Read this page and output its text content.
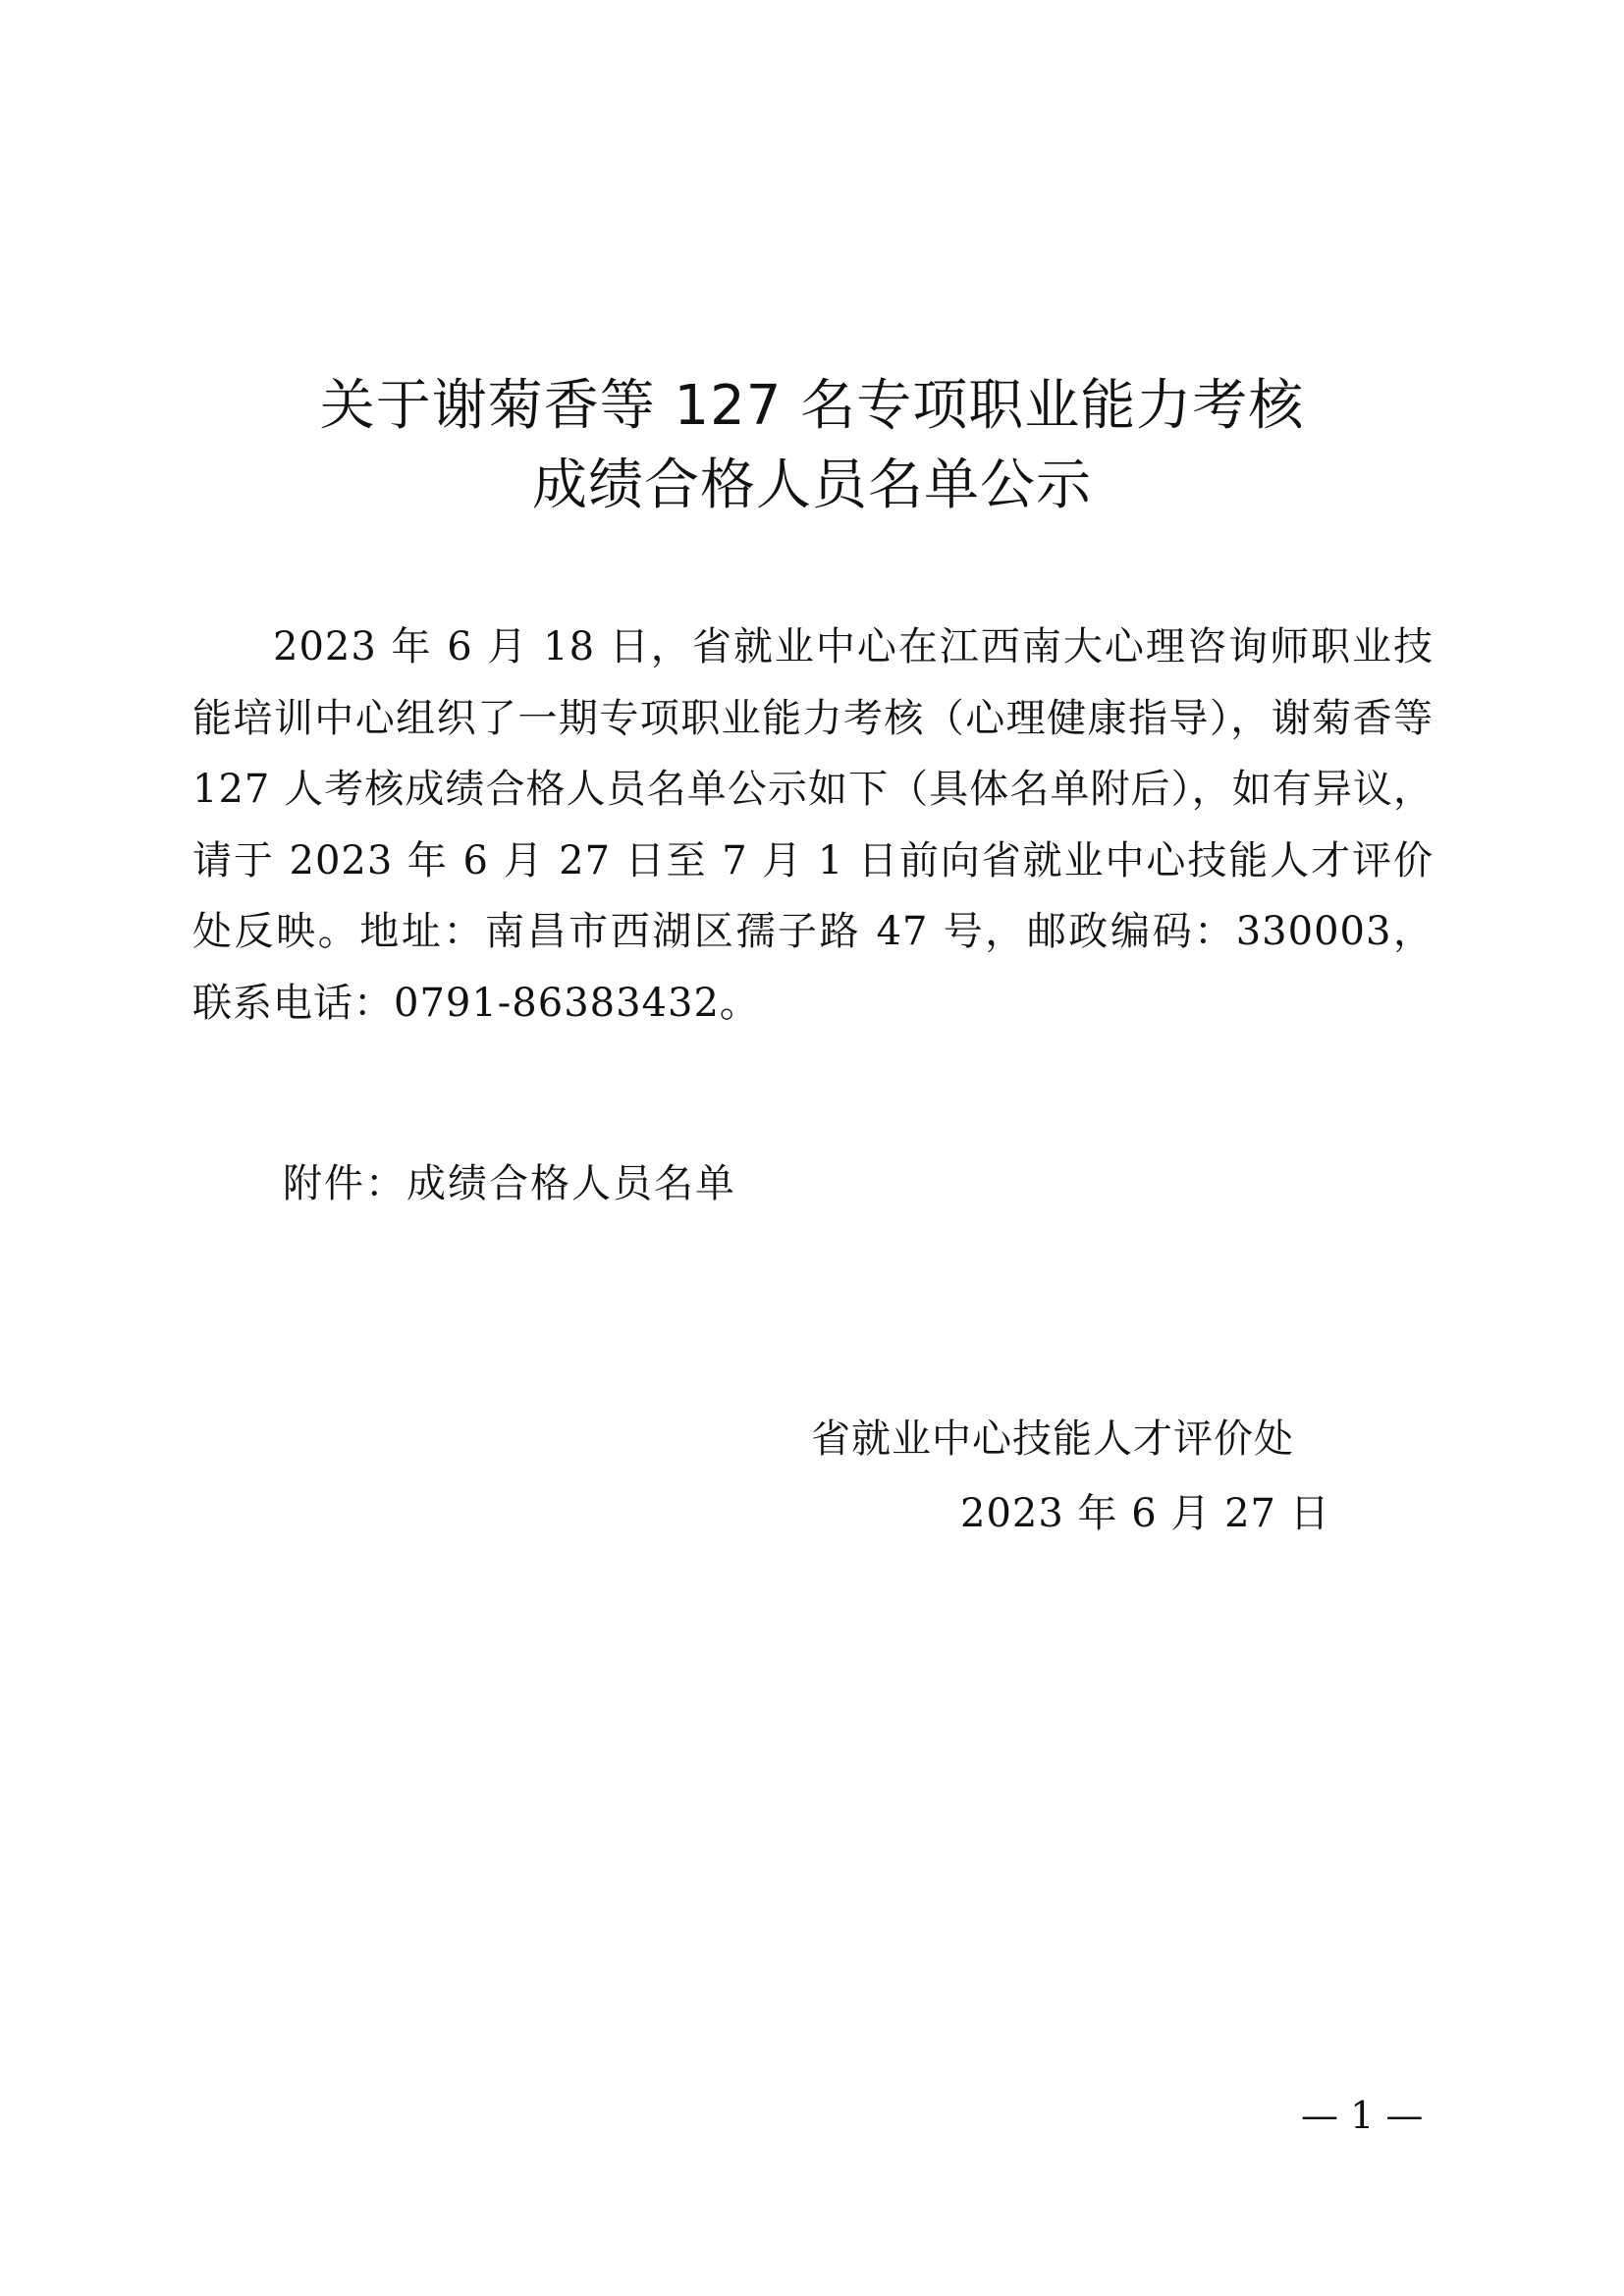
关于谢菊香等 127 名专项职业能力考核
成绩合格人员名单公示

2023 年 6 月 18 日，省就业中心在江西南大心理咨询师职业技能培训中心组织了一期专项职业能力考核（心理健康指导），谢菊香等 127 人考核成绩合格人员名单公示如下（具体名单附后），如有异议，请于 2023 年 6 月 27 日至 7 月 1 日前向省就业中心技能人才评价处反映。地址：南昌市西湖区孺子路 47 号，邮政编码：330003，联系电话：0791-86383432。

附件：成绩合格人员名单

省就业中心技能人才评价处
2023 年 6 月 27 日
— 1 —
